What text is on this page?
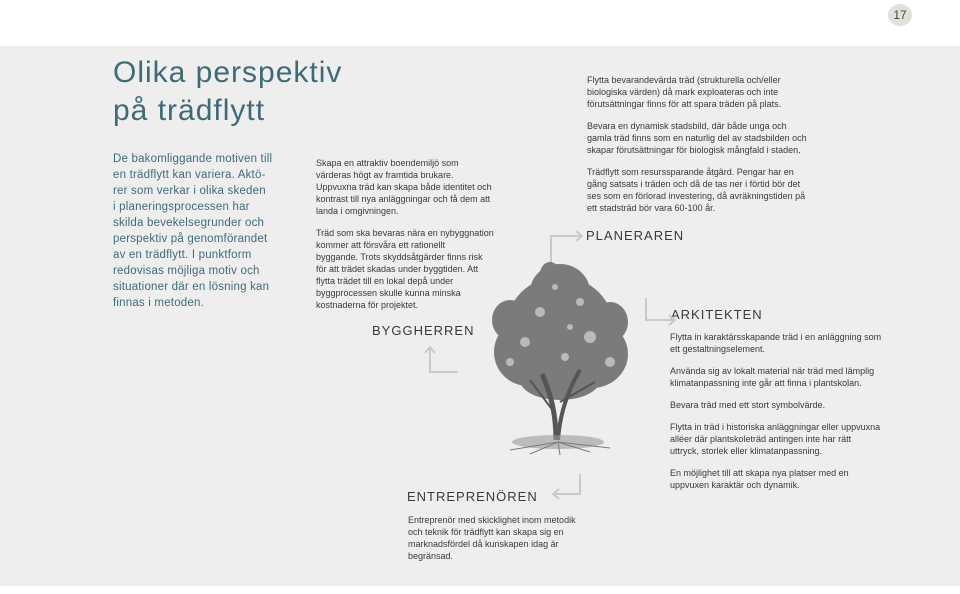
17
Olika perspektiv
på trädflytt
De bakomliggande motiven till
en trädflytt kan variera. Aktö-
rer som verkar i olika skeden
i planeringsprocessen har
skilda bevekelsegrunder och
perspektiv på genomförandet
av en trädflytt. I punktform
redovisas möjliga motiv och
situationer där en lösning kan
finnas i metoden.

Skapa en attraktiv boendemiljö som
värderas högt av framtida brukare.

Uppvuxna träd kan skapa både identitet och
kontrast till nya anläggningar och få dem att
landa i omgivningen.

Träd som ska bevaras nära en nybyggnation
kommer att försvåra ett rationellt
byggande. Trots skyddsåtgärder finns risk
för att trädet skadas under byggtiden. Att
flytta trädet till en lokal depå under
byggprocessen skulle kunna minska
kostnaderna för projektet.

BYGGHERREN

Flytta bevarandevärda träd (strukturella och/eller
biologiska värden) då mark exploateras och inte
förutsättningar finns för att spara träden på plats.

Bevara en dynamisk stadsbild, där både unga och
gamla träd finns som en naturlig del av stadsbilden och
skapar förutsättningar för biologisk mångfald i staden.

Trädflytt som resurssparande åtgärd. Pengar har en
gång satsats i träden och då de tas ner i förtid bör det
ses som en förlorad investering, då avräkningstiden på
ett stadsträd bör vara 60-100 år.

PLANERAREN
ARKITEKTEN

Flytta in karaktärsskapande träd i en anläggning som
ett gestaltningselement.

Använda sig av lokalt material när träd med lämplig
klimatanpassning inte går att finna i plantskolan.

Bevara träd med ett stort symbolvärde.

Flytta in träd i historiska anläggningar eller uppvuxna
alléer där plantskoleträd antingen inte har rätt
uttryck, storlek eller klimatanpassning.

En möjlighet till att skapa nya platser med en
uppvuxen karaktär och dynamik.

ENTREPRENÖREN

Entreprenör med skicklighet inom metodik
och teknik för trädflytt kan skapa sig en
marknadsfördel då kunskapen idag är
begränsad.
